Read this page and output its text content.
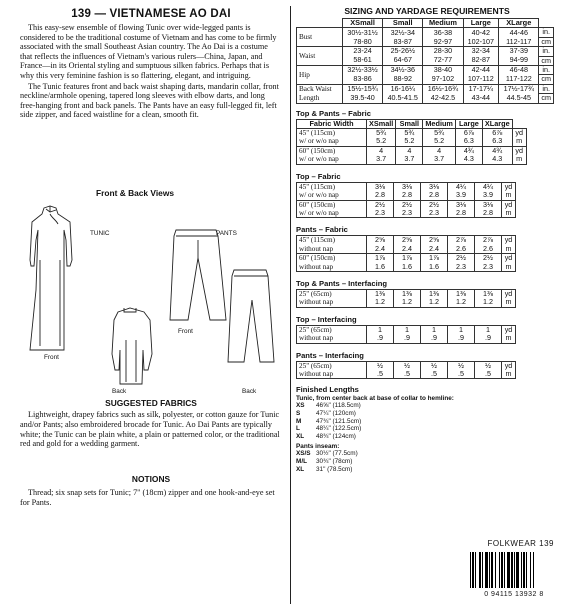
139 — VIETNAMESE AO DAI

This easy-sew ensemble of flowing Tunic over wide-legged pants is considered to be the traditional costume of Vietnam and has come to be firmly associated with the small Southeast Asian country. The Ao Dai is a costume that reflects the influences of Vietnam's various rulers—China, Japan, and France—in its Oriental styling and sumptuous silken fabrics. Perhaps that is why this very feminine fashion is so flattering, elegant, and intriguing.

The Tunic features front and back waist shaping darts, mandarin collar, front neckline/armhole opening, tapered long sleeves with elbow darts, and long free-hanging front and back panels. The Pants have an easy full-legged fit, left side zipper, and faced waistline for a clean, smooth fit.

Front & Back Views
TUNIC	PANTS
Front
Front
Back	Back
SUGGESTED FABRICS

Lightweight, drapey fabrics such as silk, polyester, or cotton gauze for Tunic and/or Pants; also embroidered brocade for Tunic. Ao Dai Pants are typically white; the Tunic can be plain white, a plain or patterned color, or the traditional red and gold for a wedding garment.

NOTIONS

Thread; six snap sets for Tunic; 7" (18cm) zipper and one hook-and-eye set for Pants.

SIZING AND YARDAGE REQUIREMENTS
	XSmall	Small	Medium	Large	XLarge	
Bust	30½-31½	32½-34	36-38	40-42	44-46	in.
	78-80	83-87	92-97	102-107	112-117	cm
Waist	23-24	25-26½	28-30	32-34	37-39	in.
	58-61	64-67	72-77	82-87	94-99	cm
Hip	32½-33½	34½-36	38-40	42-44	46-48	in.
	83-86	88-92	97-102	107-112	117-122	cm
Back Waist Length	15½-15¾	16-16¼	16½-16¾	17-17¼	17½-17¾	in.
	39.5-40	40.5-41.5	42-42.5	43-44	44.5-45	cm
Top & Pants – Fabric
Fabric Width	XSmall	Small	Medium	Large	XLarge	
45" (115cm)	5¾	5¾	5¾	6⅞	6⅞	yd
w/ or w/o nap	5.2	5.2	5.2	6.3	6.3	m
60" (150cm)	4	4	4	4¾	4¾	yd
w/ or w/o nap	3.7	3.7	3.7	4.3	4.3	m
Top – Fabric
45" (115cm)	3⅛	3⅛	3⅛	4¼	4¼	yd
w/ or w/o nap	2.8	2.8	2.8	3.9	3.9	m
60" (150cm)	2½	2½	2½	3⅛	3⅛	yd
w/ or w/o nap	2.3	2.3	2.3	2.8	2.8	m
Pants – Fabric
45" (115cm)	2⅝	2⅝	2⅝	2⅞	2⅞	yd
without nap	2.4	2.4	2.4	2.6	2.6	m
60" (150cm)	1⅞	1⅞	1⅞	2½	2½	yd
without nap	1.6	1.6	1.6	2.3	2.3	m
Top & Pants – Interfacing
25" (65cm)	1⅜	1⅜	1⅜	1⅜	1⅜	yd
without nap	1.2	1.2	1.2	1.2	1.2	m
Top – Interfacing
25" (65cm)	1	1	1	1	1	yd
without nap	.9	.9	.9	.9	.9	m
Pants – Interfacing
25" (65cm)	½	½	½	½	½	yd
without nap	.5	.5	.5	.5	.5	m
Finished Lengths
Tunic, from center back at base of collar to hemline:
XS	46⅝" (118.5cm)
S	47¼" (120cm)
M	47¾" (121.5cm)
L	48¼" (122.5cm)
XL	48¾" (124cm)
Pants inseam:
XS/S 30½" (77.5cm)
M/L	30¾" (78cm)
XL	31" (78.5cm)
FOLKWEAR 139
0 94115 13932 8
